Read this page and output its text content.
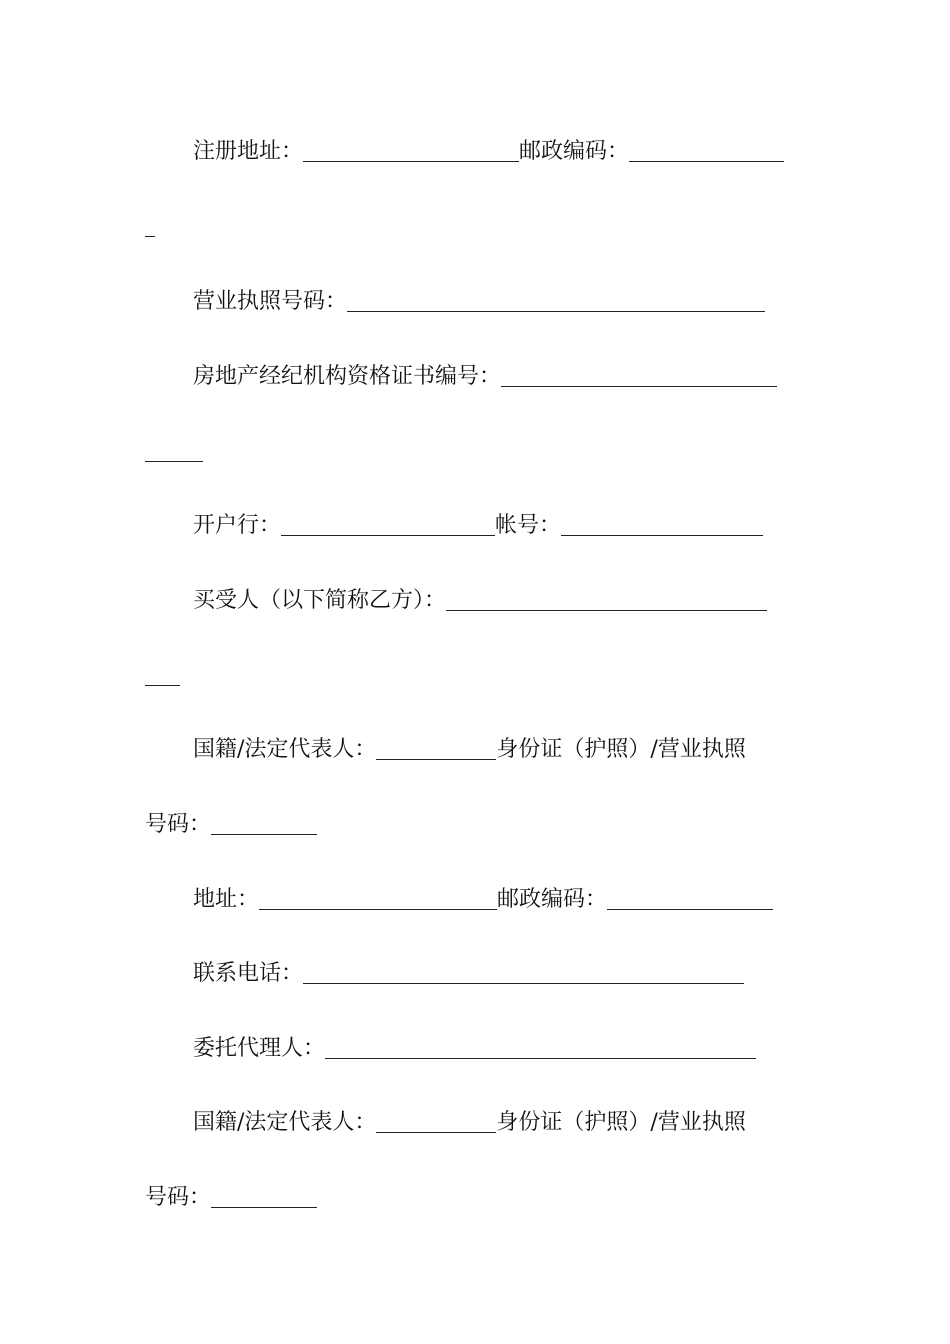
注册地址：	邮政编码：
营业执照号码：
房地产经纪机构资格证书编号：
开户行：	帐号：
买受人（以下简称乙方）：
国籍/法定代表人：	身份证（护照）/营业执照
号码：
地址：	邮政编码：
联系电话：
委托代理人：
国籍/法定代表人：	身份证（护照）/营业执照
号码：
